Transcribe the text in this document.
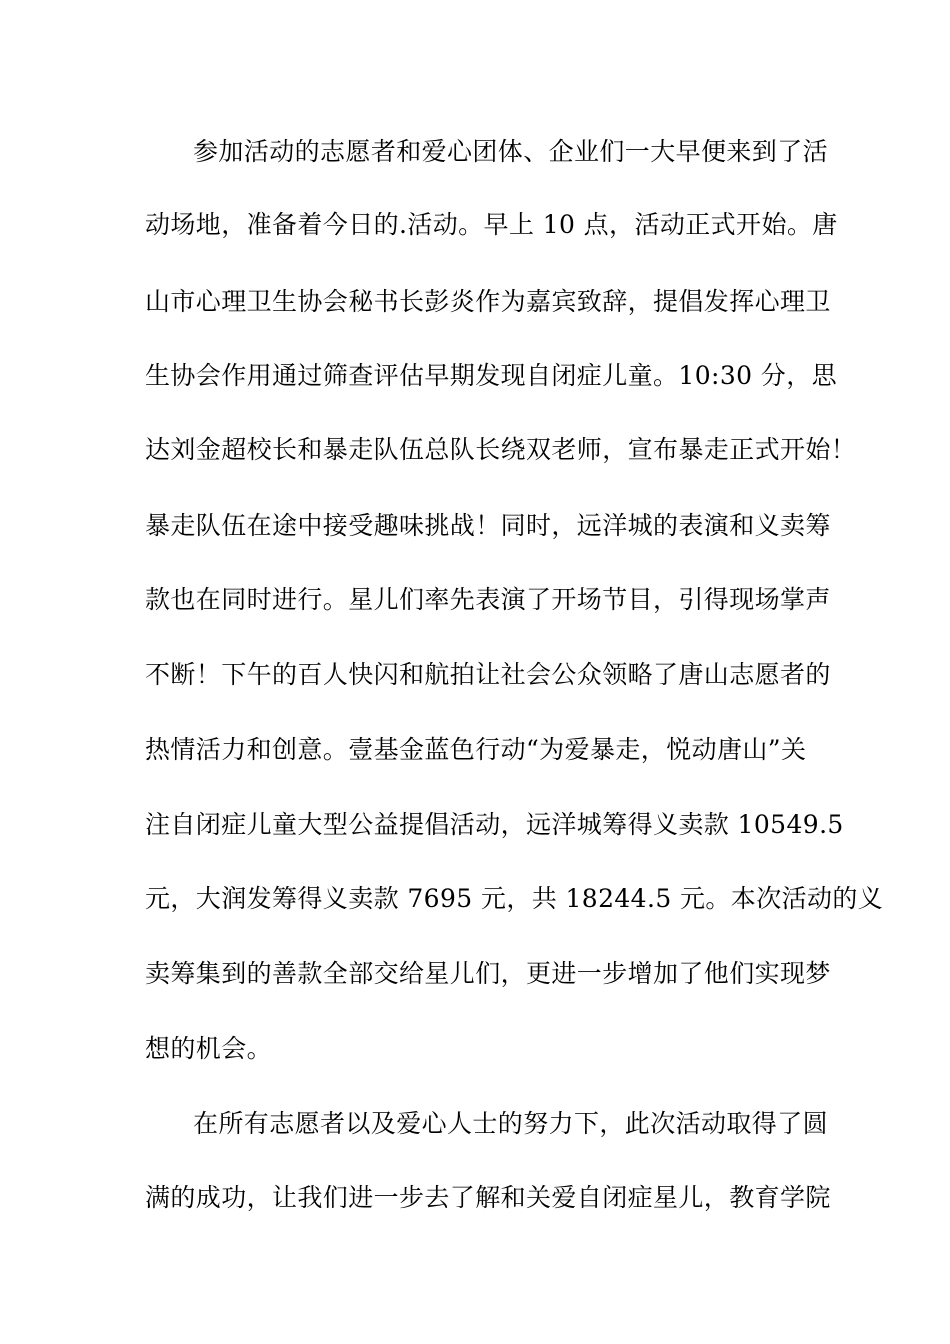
参加活动的志愿者和爱心团体、企业们一大早便来到了活
动场地，准备着今日的.活动。早上 10 点，活动正式开始。唐
山市心理卫生协会秘书长彭炎作为嘉宾致辞，提倡发挥心理卫
生协会作用通过筛查评估早期发现自闭症儿童。10:30 分，思
达刘金超校长和暴走队伍总队长绕双老师，宣布暴走正式开始！
暴走队伍在途中接受趣味挑战！同时，远洋城的表演和义卖筹
款也在同时进行。星儿们率先表演了开场节目，引得现场掌声
不断！下午的百人快闪和航拍让社会公众领略了唐山志愿者的
热情活力和创意。壹基金蓝色行动“为爱暴走，悦动唐山”关
注自闭症儿童大型公益提倡活动，远洋城筹得义卖款 10549.5
元，大润发筹得义卖款 7695 元，共 18244.5 元。本次活动的义
卖筹集到的善款全部交给星儿们，更进一步增加了他们实现梦
想的机会。
在所有志愿者以及爱心人士的努力下，此次活动取得了圆
满的成功，让我们进一步去了解和关爱自闭症星儿，教育学院
